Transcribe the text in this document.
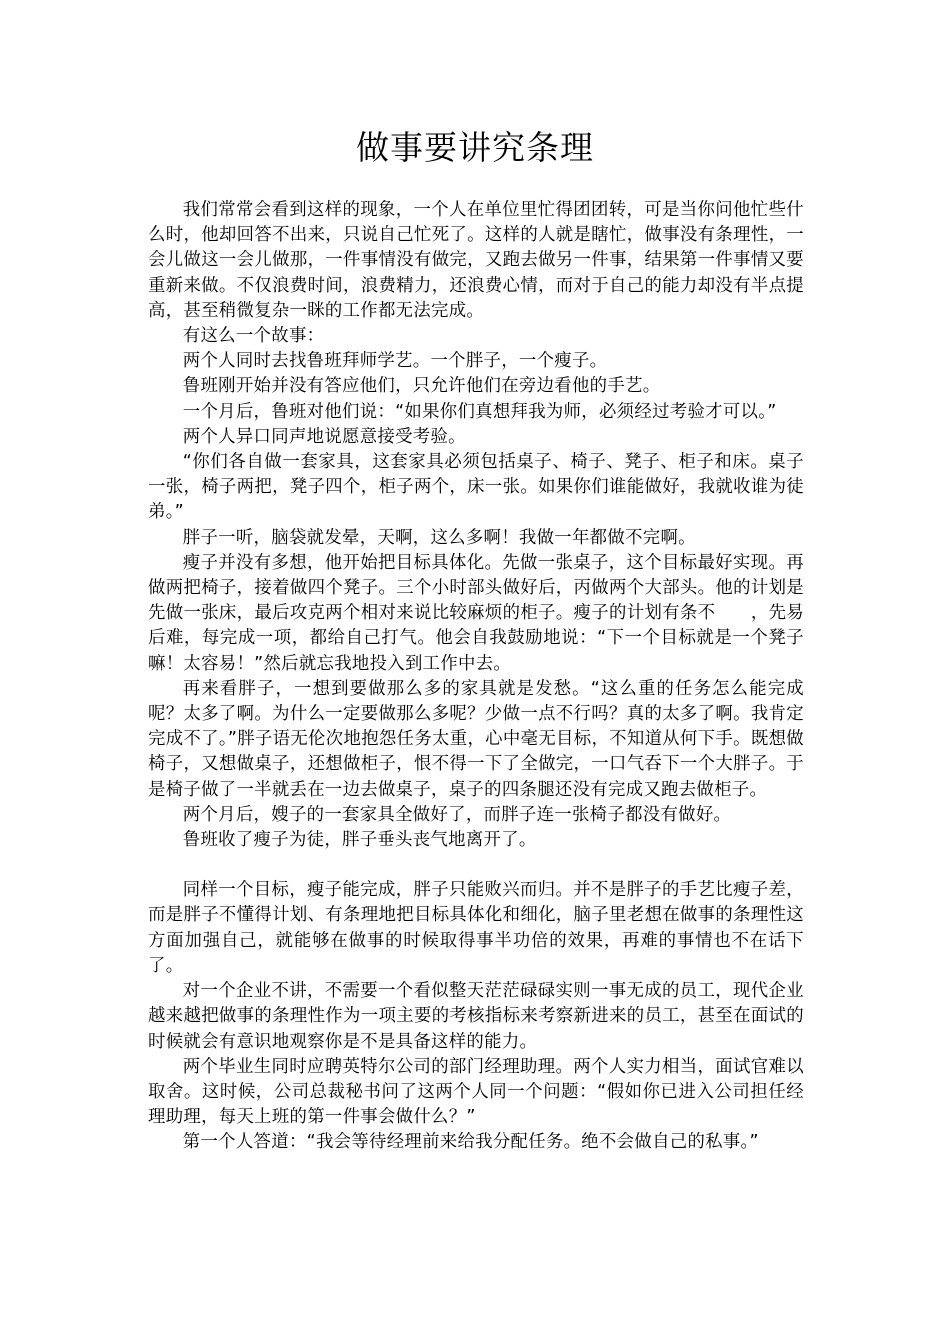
做事要讲究条理

我们常常会看到这样的现象，一个人在单位里忙得团团转，可是当你问他忙些什么时，他却回答不出来，只说自己忙死了。这样的人就是瞎忙，做事没有条理性，一会儿做这一会儿做那，一件事情没有做完，又跑去做另一件事，结果第一件事情又要重新来做。不仅浪费时间，浪费精力，还浪费心情，而对于自己的能力却没有半点提高，甚至稍微复杂一眯的工作都无法完成。

有这么一个故事：

两个人同时去找鲁班拜师学艺。一个胖子，一个瘦子。

鲁班刚开始并没有答应他们，只允许他们在旁边看他的手艺。

一个月后，鲁班对他们说：“如果你们真想拜我为师，必须经过考验才可以。”

两个人异口同声地说愿意接受考验。

“你们各自做一套家具，这套家具必须包括桌子、椅子、凳子、柜子和床。桌子一张，椅子两把，凳子四个，柜子两个，床一张。如果你们谁能做好，我就收谁为徒弟。”

胖子一听，脑袋就发晕，天啊，这么多啊！我做一年都做不完啊。

瘦子并没有多想，他开始把目标具体化。先做一张桌子，这个目标最好实现。再做两把椅子，接着做四个凳子。三个小时部头做好后，丙做两个大部头。他的计划是先做一张床，最后攻克两个相对来说比较麻烦的柜子。瘦子的计划有条不　　，先易后难，每完成一项，都给自己打气。他会自我鼓励地说：“下一个目标就是一个凳子嘛！太容易！”然后就忘我地投入到工作中去。

再来看胖子，一想到要做那么多的家具就是发愁。“这么重的任务怎么能完成呢？太多了啊。为什么一定要做那么多呢？少做一点不行吗？真的太多了啊。我肯定完成不了。”胖子语无伦次地抱怨任务太重，心中毫无目标，不知道从何下手。既想做椅子，又想做桌子，还想做柜子，恨不得一下了全做完，一口气吞下一个大胖子。于是椅子做了一半就丢在一边去做桌子，桌子的四条腿还没有完成又跑去做柜子。

两个月后，嫂子的一套家具全做好了，而胖子连一张椅子都没有做好。

鲁班收了瘦子为徒，胖子垂头丧气地离开了。

同样一个目标，瘦子能完成，胖子只能败兴而归。并不是胖子的手艺比瘦子差，而是胖子不懂得计划、有条理地把目标具体化和细化，脑子里老想在做事的条理性这方面加强自己，就能够在做事的时候取得事半功倍的效果，再难的事情也不在话下了。

对一个企业不讲，不需要一个看似整天茫茫碌碌实则一事无成的员工，现代企业越来越把做事的条理性作为一项主要的考核指标来考察新进来的员工，甚至在面试的时候就会有意识地观察你是不是具备这样的能力。

两个毕业生同时应聘英特尔公司的部门经理助理。两个人实力相当，面试官难以取舍。这时候，公司总裁秘书问了这两个人同一个问题：“假如你已进入公司担任经理助理，每天上班的第一件事会做什么？”

第一个人答道：“我会等待经理前来给我分配任务。绝不会做自己的私事。”
